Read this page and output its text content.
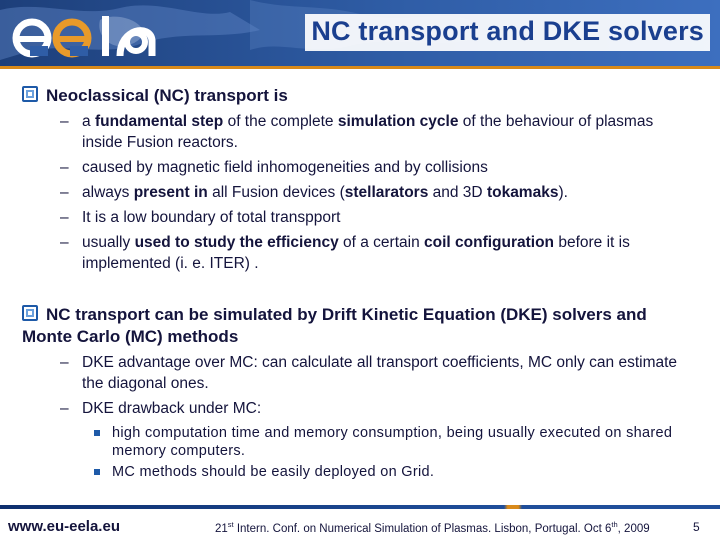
NC transport and DKE solvers
Neoclassical (NC) transport is
– a fundamental step of the complete simulation cycle of the behaviour of plasmas inside Fusion reactors.
– caused by magnetic field inhomogeneities and by collisions
– always present in all Fusion devices (stellarators and 3D tokamaks).
– It is a low boundary of total transpport
– usually used to study the efficiency of a certain coil configuration before it is implemented (i. e. ITER) .
NC transport can be simulated by Drift Kinetic Equation (DKE) solvers and Monte Carlo (MC) methods
– DKE advantage over MC: can calculate all transport coefficients, MC only can estimate the diagonal ones.
– DKE drawback under MC:
high computation time and memory consumption, being usually executed on shared memory computers.
MC methods should be easily deployed on Grid.
www.eu-eela.eu	21st Intern. Conf. on Numerical Simulation of Plasmas. Lisbon, Portugal. Oct 6th, 2009	5
